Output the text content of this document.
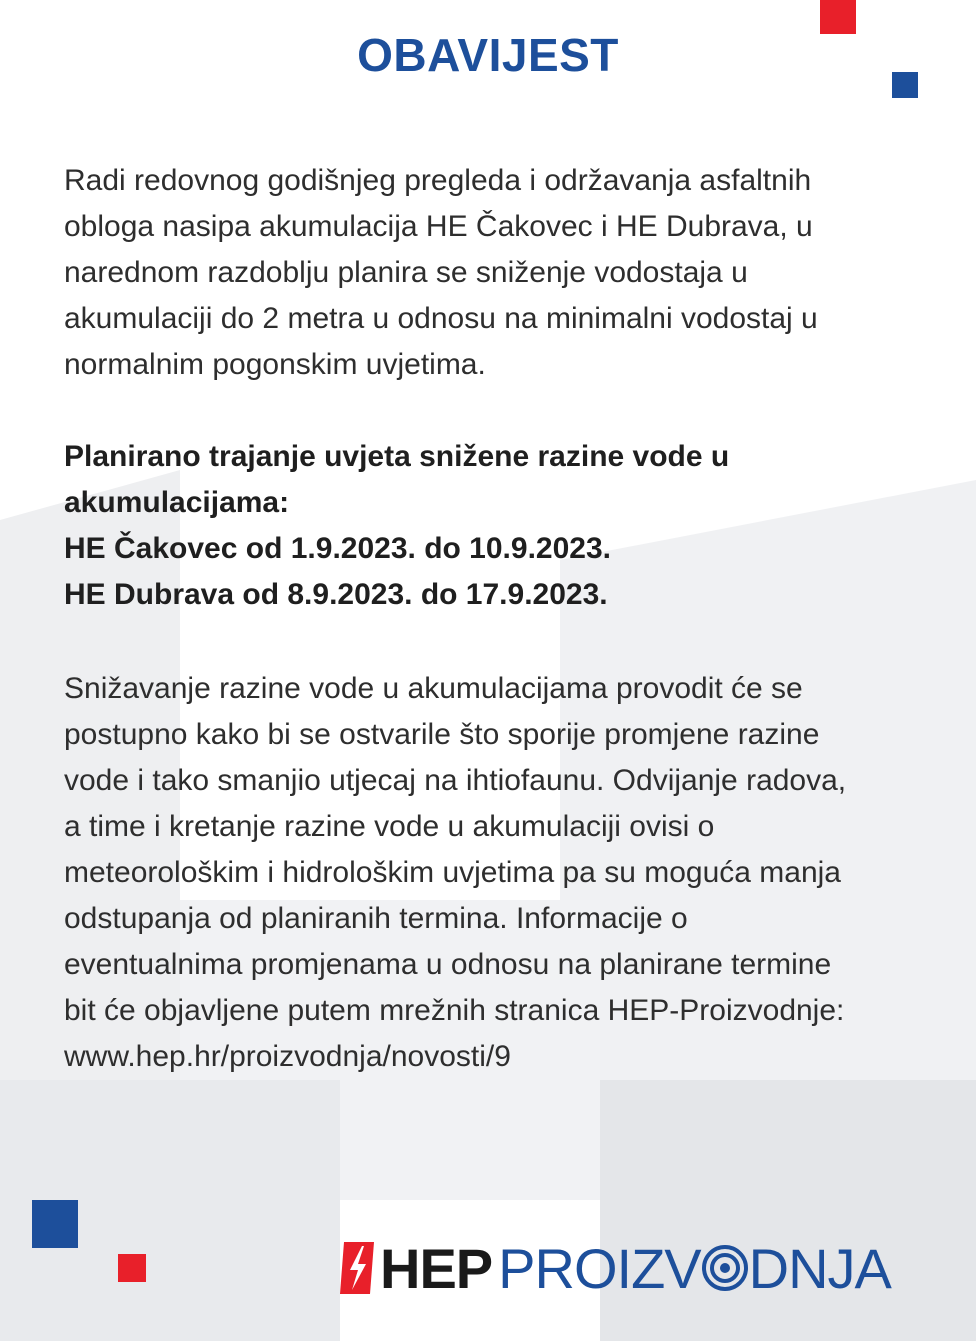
OBAVIJEST
Radi redovnog godišnjeg pregleda i održavanja asfaltnih
obloga nasipa akumulacija HE Čakovec i HE Dubrava, u
narednom razdoblju planira se sniženje vodostaja u
akumulaciji do 2 metra u odnosu na minimalni vodostaj u
normalnim pogonskim uvjetima.
Planirano trajanje uvjeta snižene razine vode u
akumulacijama:
HE Čakovec od 1.9.2023. do 10.9.2023.
HE Dubrava od 8.9.2023. do 17.9.2023.
Snižavanje razine vode u akumulacijama provodit će se
postupno kako bi se ostvarile što sporije promjene razine
vode i tako smanjio utjecaj na ihtiofaunu. Odvijanje radova,
a time i kretanje razine vode u akumulaciji ovisi o
meteorološkim i hidrološkim uvjetima pa su moguća manja
odstupanja od planiranih termina. Informacije o
eventualnima promjenama u odnosu na planirane termine
bit će objavljene putem mrežnih stranica HEP-Proizvodnje:
www.hep.hr/proizvodnja/novosti/9
HEP PROIZV DNJA
